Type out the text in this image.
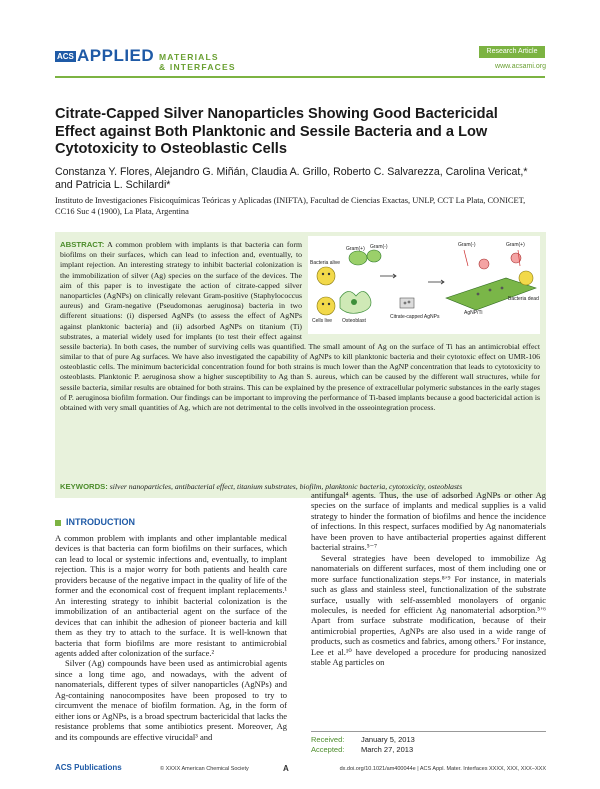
ACS APPLIED MATERIALS
& INTERFACES
Research Article
www.acsami.org
Citrate-Capped Silver Nanoparticles Showing Good Bactericidal Effect against Both Planktonic and Sessile Bacteria and a Low Cytotoxicity to Osteoblastic Cells
Constanza Y. Flores, Alejandro G. Miñán, Claudia A. Grillo, Roberto C. Salvarezza, Carolina Vericat,* and Patricia L. Schilardi*
Instituto de Investigaciones Fisicoquímicas Teóricas y Aplicadas (INIFTA), Facultad de Ciencias Exactas, UNLP, CCT La Plata, CONICET, CC16 Suc 4 (1900), La Plata, Argentina
Gram(-)	Gram(+)
Gram(+) Gram(-)
Bacteria alive
Cells live Osteoblast
Citrate-capped AgNPs
AgNP/Ti
Bacteria dead
ABSTRACT: A common problem with implants is that bacteria can form biofilms on their surfaces, which can lead to infection and, eventually, to implant rejection. An interesting strategy to inhibit bacterial colonization is the immobilization of silver (Ag) species on the surface of the devices. The aim of this paper is to investigate the action of citrate-capped silver nanoparticles (AgNPs) on clinically relevant Gram-positive (Staphylococcus aureus) and Gram-negative (Pseudomonas aeruginosa) bacteria in two different situations: (i) dispersed AgNPs (to assess the effect of AgNPs against planktonic bacteria) and (ii) adsorbed AgNPs on titanium (Ti) substrates, a material widely used for implants (to test their effect against sessile bacteria). In both cases, the number of surviving cells was quantified. The small amount of Ag on the surface of Ti has an antimicrobial effect similar to that of pure Ag surfaces. We have also investigated the capability of AgNPs to kill planktonic bacteria and their cytotoxic effect on UMR-106 osteoblastic cells. The minimum bactericidal concentration found for both strains is much lower than the AgNP concentration that leads to cytotoxicity to osteoblasts. Planktonic P. aeruginosa show a higher susceptibility to Ag than S. aureus, which can be caused by the different wall structures, while for sessile bacteria, similar results are obtained for both strains. This can be explained by the presence of extracellular polymeric substances in the early stages of P. aeruginosa biofilm formation. Our findings can be important to improving the performance of Ti-based implants because a good bactericidal action is obtained with very small quantities of Ag, which are not detrimental to the cells involved in the osseointegration process.
KEYWORDS: silver nanoparticles, antibacterial effect, titanium substrates, biofilm, planktonic bacteria, cytotoxicity, osteoblasts
INTRODUCTION

A common problem with implants and other implantable medical devices is that bacteria can form biofilms on their surfaces, which can lead to local or systemic infections and, eventually, to implant rejection. This is a major worry for both patients and health care providers because of the negative impact in the quality of life of the former and the economical cost of frequent implant replacements.¹ An interesting strategy to inhibit bacterial colonization is the immobilization of an antibacterial agent on the surface of the devices that can inhibit the adhesion of pioneer bacteria and kill them as they try to attach to the surface. It is well-known that bacteria that form biofilms are more resistant to antimicrobial agents added after colonization of the surface.²

Silver (Ag) compounds have been used as antimicrobial agents since a long time ago, and nowadays, with the advent of nanomaterials, different types of silver nanoparticles (AgNPs) and Ag-containing nanocomposites have been proposed to try to circumvent the menace of biofilm formation. Ag, in the form of either ions or AgNPs, is a broad spectrum bactericidal that lacks the resistance problems that some antibiotics present. Moreover, Ag and its compounds are effective virucidal³ and

antifungal⁴ agents. Thus, the use of adsorbed AgNPs or other Ag species on the surface of implants and medical supplies is a valid strategy to hinder the formation of biofilms and hence the incidence of infections. In this respect, surfaces modified by Ag nanomaterials have been proven to have antibacterial properties against different bacterial strains.⁵⁻⁷

Several strategies have been developed to immobilize Ag nanomaterials on different surfaces, most of them including one or more surface functionalization steps.⁸ʼ⁹ For instance, in materials such as glass and stainless steel, functionalization of the substrate surface, usually with self-assembled monolayers of organic molecules, is needed for efficient Ag nanomaterial adsorption.⁵ʼ⁶ Apart from surface substrate modification, because of their antimicrobial properties, AgNPs are also used in a wide range of products, such as cosmetics and fabrics, among others.⁷ For instance, Lee et al.¹⁰ have developed a procedure for producing nanosized stable Ag particles on

Received: January 5, 2013
Accepted: March 27, 2013
ACS Publications	© XXXX American Chemical Society	A	dx.doi.org/10.1021/am400044e | ACS Appl. Mater. Interfaces XXXX, XXX, XXX−XXX
